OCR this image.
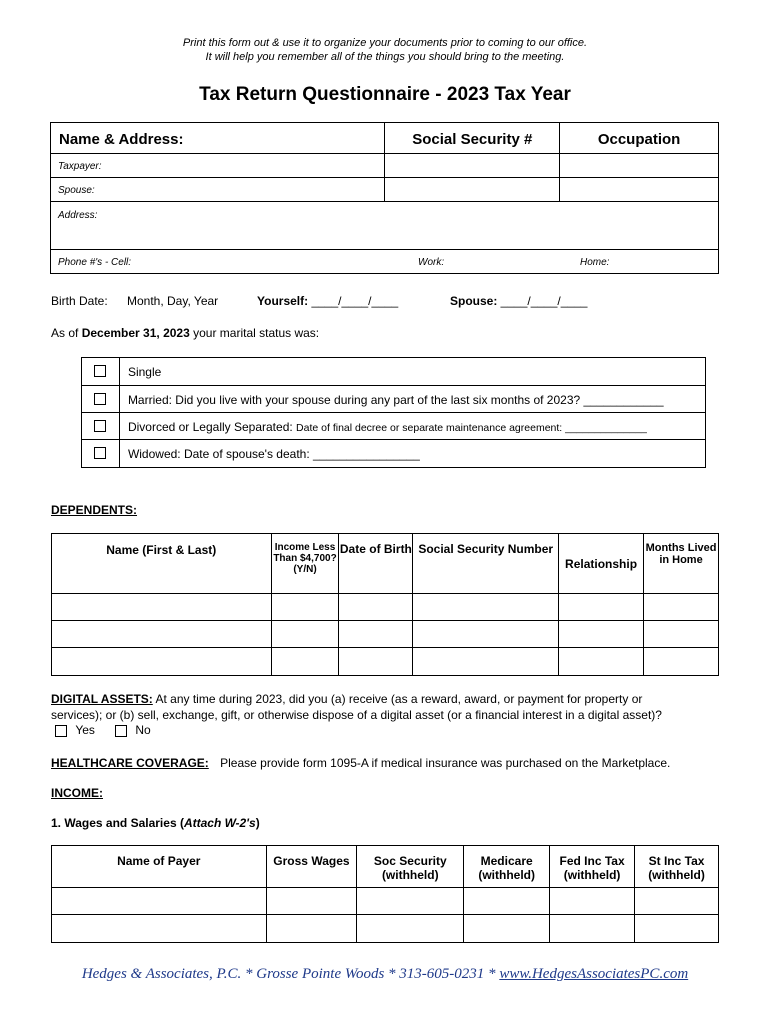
Print this form out & use it to organize your documents prior to coming to our office.
It will help you remember all of the things you should bring to the meeting.
Tax Return Questionnaire - 2023 Tax Year
Name & Address:	Social Security #	Occupation
Taxpayer:		
Spouse:		
Address:		
Phone #'s - Cell: Work: Home:		
Birth Date: Month, Day, Year	Yourself: ____/____/____	Spouse: ____/____/____
As of December 31, 2023 your marital status was:
	Single
	Married: Did you live with your spouse during any part of the last six months of 2023? ____________
	Divorced or Legally Separated: Date of final decree or separate maintenance agreement: ______________
	Widowed: Date of spouse's death: ________________
DEPENDENTS:
Name (First & Last)	Income Less Than $4,700? (Y/N)	Date of Birth	Social Security Number	Relationship	Months Lived in Home

DIGITAL ASSETS: At any time during 2023, did you (a) receive (as a reward, award, or payment for property or
services); or (b) sell, exchange, gift, or otherwise dispose of a digital asset (or a financial interest in a digital asset)?
Yes	No
HEALTHCARE COVERAGE: Please provide form 1095-A if medical insurance was purchased on the Marketplace.
INCOME:
1. Wages and Salaries (Attach W-2's)
Name of Payer	Gross Wages	Soc Security (withheld)	Medicare (withheld)	Fed Inc Tax (withheld)	St Inc Tax (withheld)

Hedges & Associates, P.C. * Grosse Pointe Woods * 313-605-0231 * www.HedgesAssociatesPC.com
